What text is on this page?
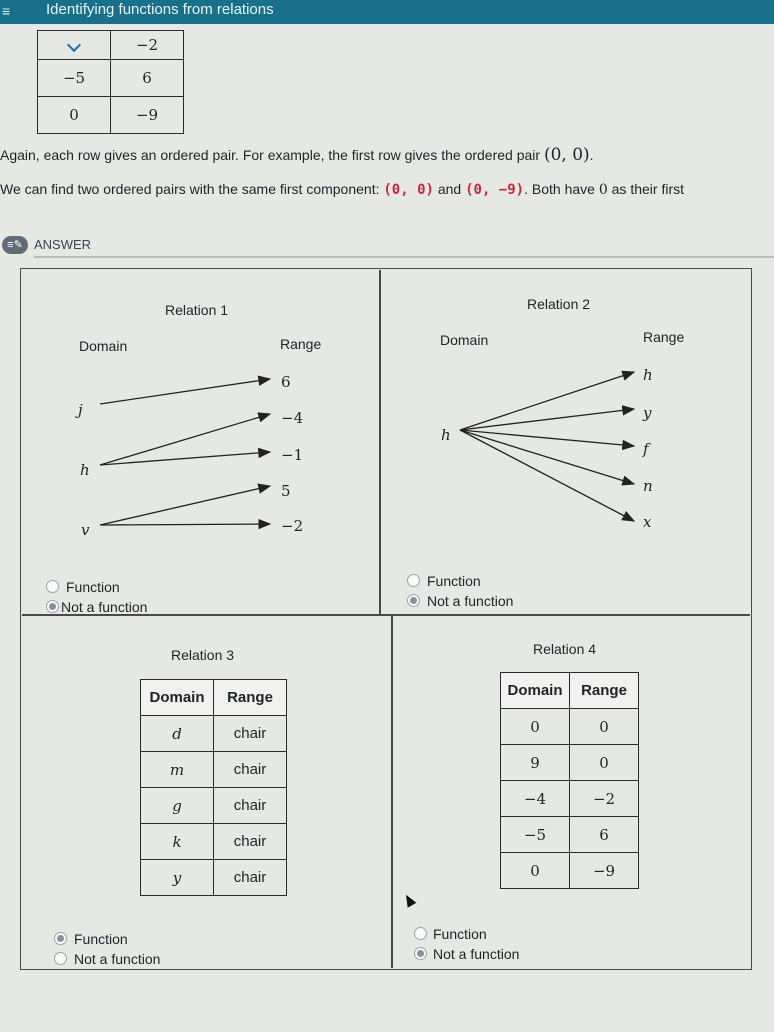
≡ Identifying functions from relations
	−2
−5	6
0	−9
Again, each row gives an ordered pair. For example, the first row gives the ordered pair (0, 0).
We can find two ordered pairs with the same first component: (0, 0) and (0, −9). Both have 0 as their first
≡✎ ANSWER
Relation 1
Domain	Range
j
h
v
6
−4
−1
5
−2
Function
Not a function
Relation 2
Domain	Range
h
h
y
f
n
x
Function
Not a function
Relation 3
Domain	Range
d	chair
m	chair
g	chair
k	chair
y	chair
Function
Not a function
Relation 4
Domain	Range
0	0
9	0
−4	−2
−5	6
0	−9
Function
Not a function
